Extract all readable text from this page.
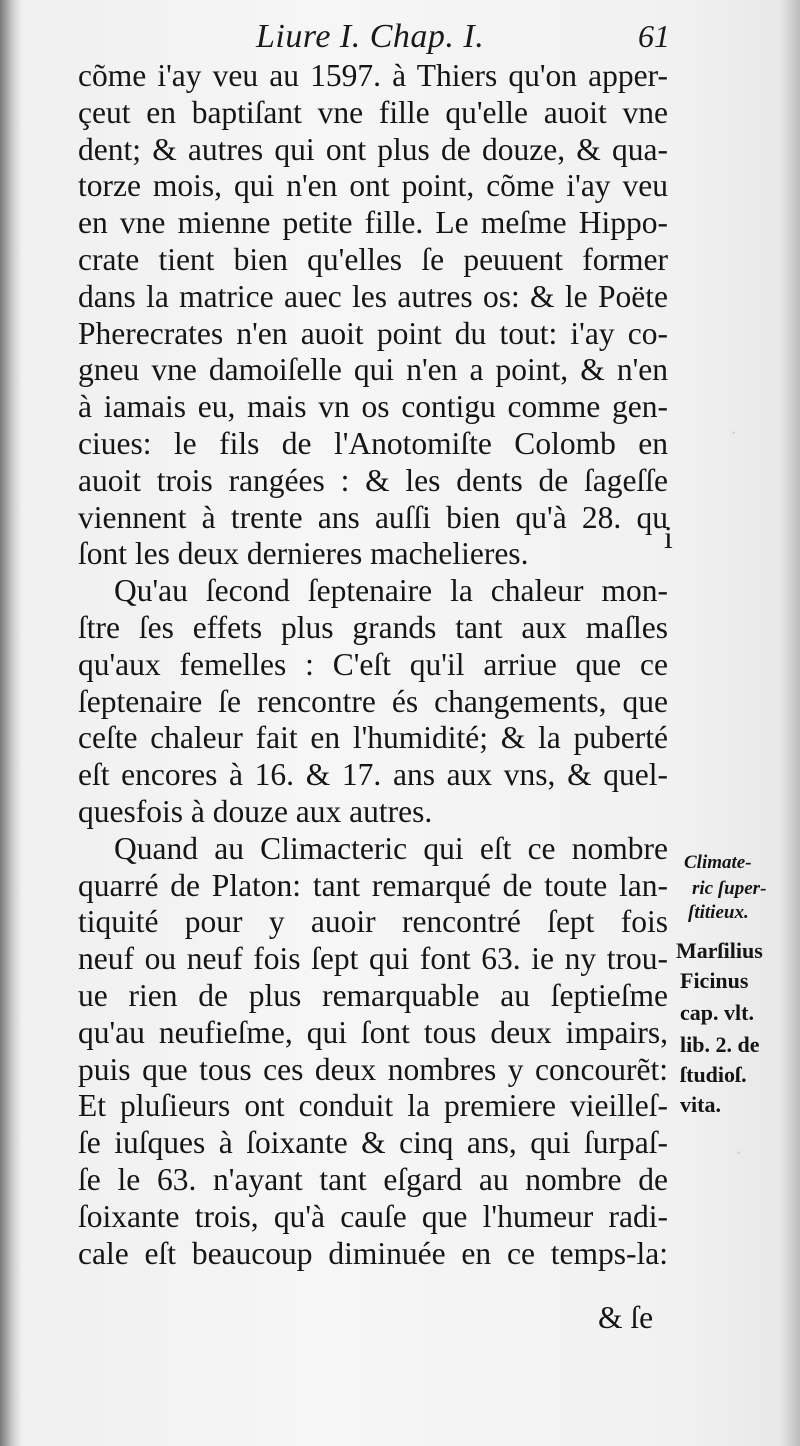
·
·
Liure I. Chap. I.	61
cõme i'ay veu au 1597. à Thiers qu'on apper-
çeut en baptiſant vne fille qu'elle auoit vne
dent; & autres qui ont plus de douze, & qua-
torze mois, qui n'en ont point, cõme i'ay veu
en vne mienne petite fille. Le meſme Hippo-
crate tient bien qu'elles ſe peuuent former
dans la matrice auec les autres os: & le Poëte
Pherecrates n'en auoit point du tout: i'ay co-
gneu vne damoiſelle qui n'en a point, & n'en
à iamais eu, mais vn os contigu comme gen-
ciues: le fils de l'Anotomiſte Colomb en
auoit trois rangées : & les dents de ſageſſe
viennent à trente ans auſſi bien qu'à 28. qu
ſont les deux dernieres machelieres.
Qu'au ſecond ſeptenaire la chaleur mon-
ſtre ſes effets plus grands tant aux maſles
qu'aux femelles : C'eſt qu'il arriue que ce
ſeptenaire ſe rencontre és changements, que
ceſte chaleur fait en l'humidité; & la puberté
eſt encores à 16. & 17. ans aux vns, & quel-
quesfois à douze aux autres.
Quand au Climacteric qui eſt ce nombre
quarré de Platon: tant remarqué de toute lan-
tiquité pour y auoir rencontré ſept fois
neuf ou neuf fois ſept qui font 63. ie ny trou-
ue rien de plus remarquable au ſeptieſme
qu'au neufieſme, qui ſont tous deux impairs,
puis que tous ces deux nombres y concourẽt:
Et pluſieurs ont conduit la premiere vieilleſ-
ſe iuſques à ſoixante & cinq ans, qui ſurpaſ-
ſe le 63. n'ayant tant eſgard au nombre de
ſoixante trois, qu'à cauſe que l'humeur radi-
cale eſt beaucoup diminuée en ce temps-la:
i
Climate-
ric ſuper-
ſtitieux.
Marſilius
Ficinus
cap. vlt.
lib. 2. de
ſtudioſ.
vita.
& ſe
